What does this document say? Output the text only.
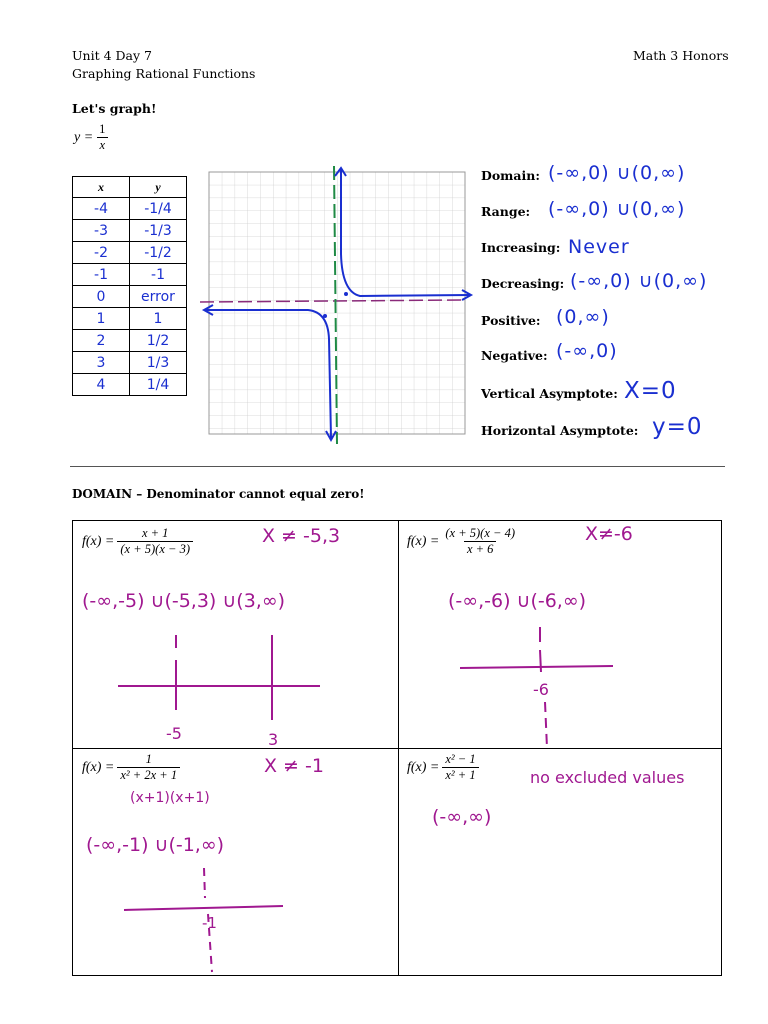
Unit 4 Day 7	Math 3 Honors
Graphing Rational Functions
Let's graph!
$y = \frac{1}{x}$
x	y
-4	-1/4
-3	-1/3
-2	-1/2
-1	-1
0	error
1	1
2	1/2
3	1/3
4	1/4
Domain: (-∞,0) ∪(0,∞)
Range: (-∞,0) ∪(0,∞)
Increasing: Never
Decreasing: (-∞,0) ∪(0,∞)
Positive: (0,∞)
Negative: (-∞,0)
Vertical Asymptote: X=0
Horizontal Asymptote: y=0
DOMAIN – Denominator cannot equal zero!
$f(x) = \frac{x + 1}{(x + 5)(x - 3)}$	X ≠ -5,3
(-∞,-5) ∪(-5,3) ∪(3,∞)
-5	3
$f(x) = \frac{(x + 5)(x - 4)}{x + 6}$	X≠-6
(-∞,-6) ∪(-6,∞)
-6
$f(x) = \frac{1}{\text{x² + 2x + 1}}$	X ≠ -1
(x+1)(x+1)
(-∞,-1) ∪(-1,∞)
-1
$f(x) = \frac{\text{x² − 1}}{\text{x² + 1}}$	no excluded values
(-∞,∞)
